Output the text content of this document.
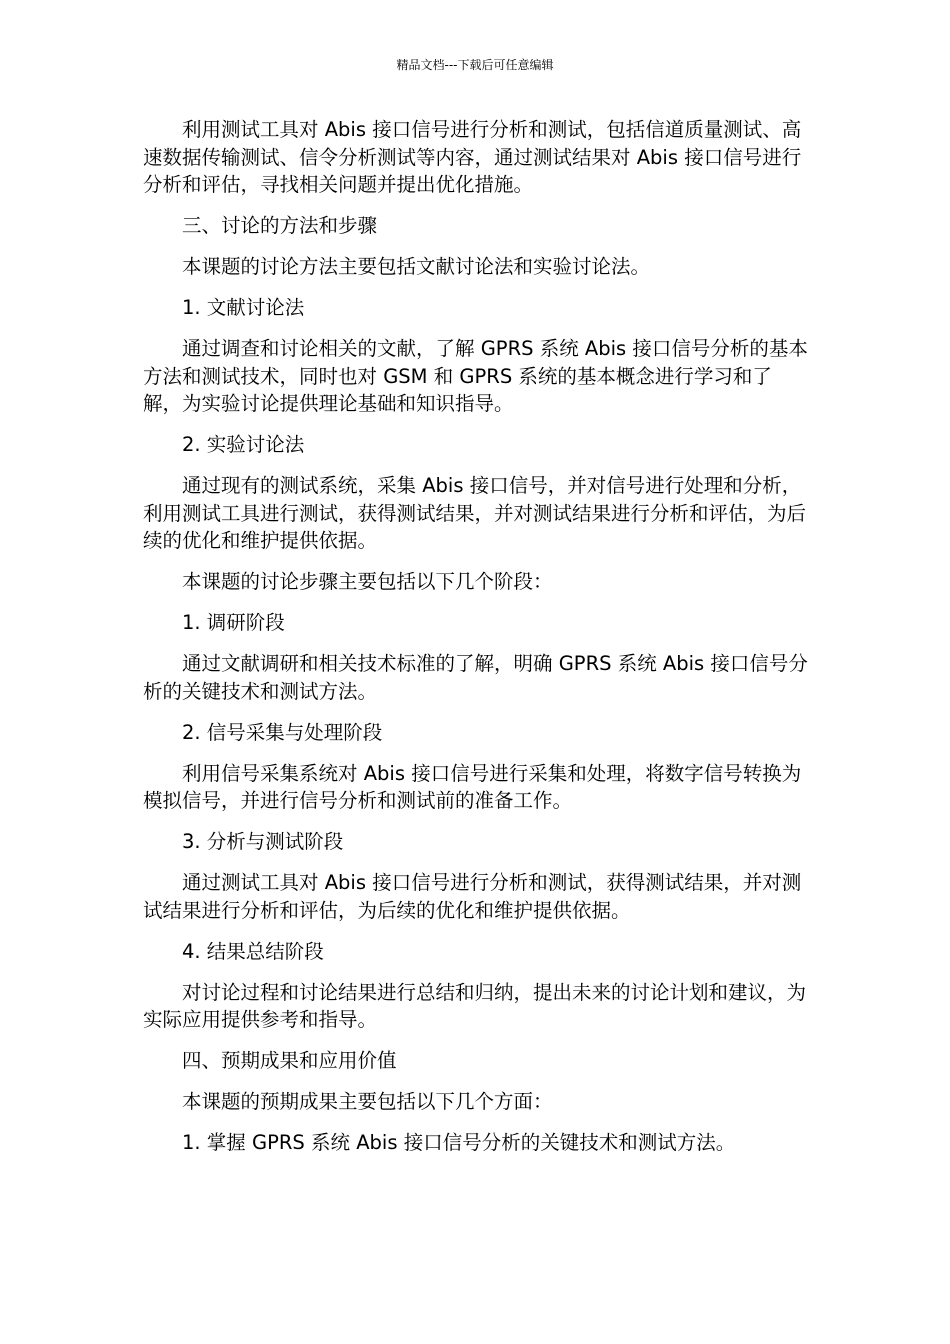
精品文档---下载后可任意编辑

利用测试工具对 Abis 接口信号进行分析和测试，包括信道质量测试、高速数据传输测试、信令分析测试等内容，通过测试结果对 Abis 接口信号进行分析和评估，寻找相关问题并提出优化措施。

三、讨论的方法和步骤

本课题的讨论方法主要包括文献讨论法和实验讨论法。

1. 文献讨论法

通过调查和讨论相关的文献，了解 GPRS 系统 Abis 接口信号分析的基本方法和测试技术，同时也对 GSM 和 GPRS 系统的基本概念进行学习和了解，为实验讨论提供理论基础和知识指导。

2. 实验讨论法

通过现有的测试系统，采集 Abis 接口信号，并对信号进行处理和分析，利用测试工具进行测试，获得测试结果，并对测试结果进行分析和评估，为后续的优化和维护提供依据。

本课题的讨论步骤主要包括以下几个阶段：

1. 调研阶段

通过文献调研和相关技术标准的了解，明确 GPRS 系统 Abis 接口信号分析的关键技术和测试方法。

2. 信号采集与处理阶段

利用信号采集系统对 Abis 接口信号进行采集和处理，将数字信号转换为模拟信号，并进行信号分析和测试前的准备工作。

3. 分析与测试阶段

通过测试工具对 Abis 接口信号进行分析和测试，获得测试结果，并对测试结果进行分析和评估，为后续的优化和维护提供依据。

4. 结果总结阶段

对讨论过程和讨论结果进行总结和归纳，提出未来的讨论计划和建议，为实际应用提供参考和指导。

四、预期成果和应用价值

本课题的预期成果主要包括以下几个方面：

1. 掌握 GPRS 系统 Abis 接口信号分析的关键技术和测试方法。
